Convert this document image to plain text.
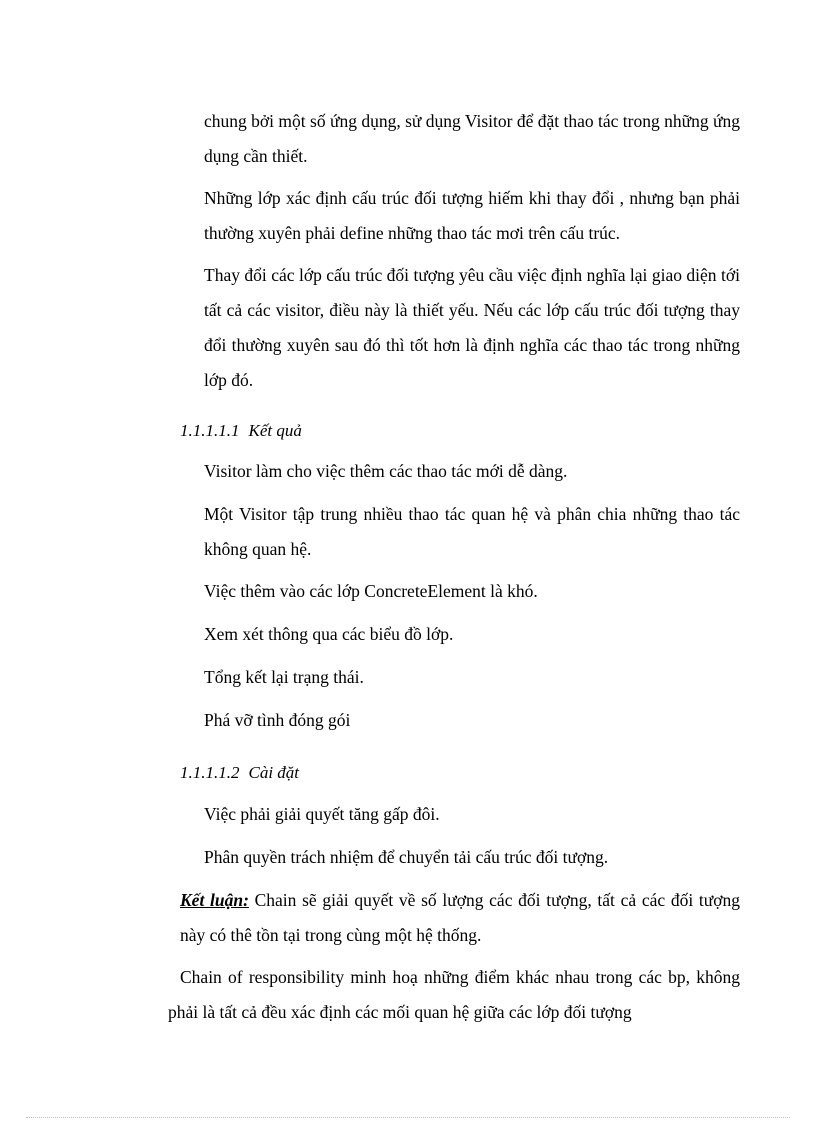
chung bởi một số ứng dụng, sử dụng Visitor để đặt thao tác trong những ứng dụng cần thiết.

Những lớp xác định cấu trúc đối tượng hiếm khi thay đổi , nhưng bạn phải thường xuyên phải define những thao tác mơi trên cấu trúc.

Thay đổi các lớp cấu trúc đối tượng yêu cầu việc định nghĩa lại giao diện tới tất cả các visitor, điều này là thiết yếu. Nếu các lớp cấu trúc đối tượng thay đổi thường xuyên sau đó thì tốt hơn là định nghĩa các thao tác trong những lớp đó.

1.1.1.1.1 Kết quả

Visitor làm cho việc thêm các thao tác mới dễ dàng.

Một Visitor tập trung nhiều thao tác quan hệ và phân chia những thao tác không quan hệ.

Việc thêm vào các lớp ConcreteElement là khó.

Xem xét thông qua các biểu đồ lớp.

Tổng kết lại trạng thái.

Phá vỡ tình đóng gói

1.1.1.1.2 Cài đặt

Việc phải giải quyết tăng gấp đôi.

Phân quyền trách nhiệm để chuyển tải cấu trúc đối tượng.

Kết luận: Chain sẽ giải quyết về số lượng các đối tượng, tất cả các đối tượng này có thê tồn tại trong cùng một hệ thống.

Chain of responsibility minh hoạ những điểm khác nhau trong các bp, không phải là tất cả đều xác định các mối quan hệ giữa các lớp đối tượng
